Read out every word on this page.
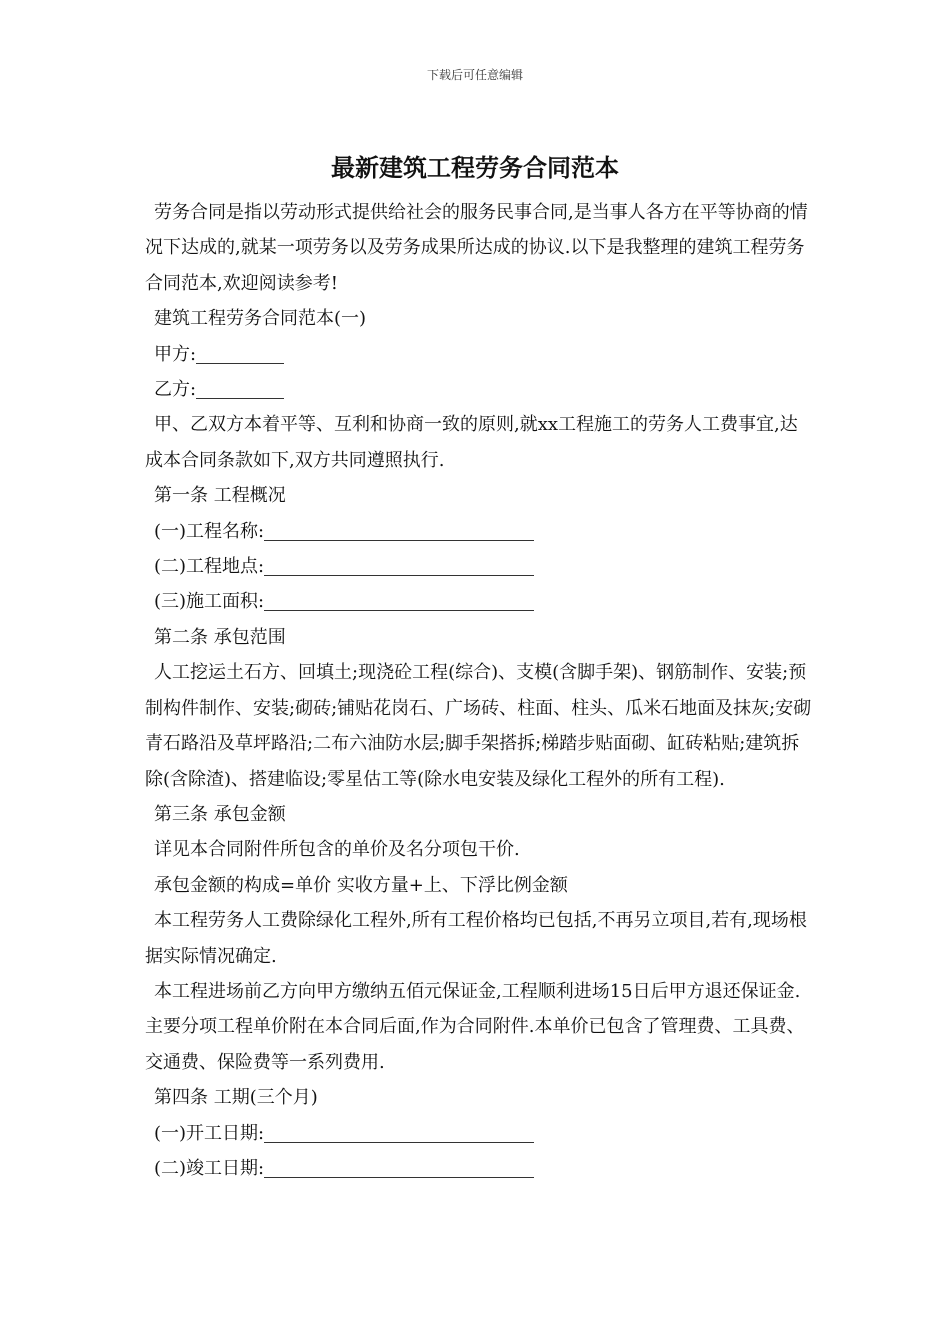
下载后可任意编辑
最新建筑工程劳务合同范本

劳务合同是指以劳动形式提供给社会的服务民事合同,是当事人各方在平等协商的情况下达成的,就某一项劳务以及劳务成果所达成的协议.以下是我整理的建筑工程劳务合同范本,欢迎阅读参考!

建筑工程劳务合同范本(一)

甲方:

乙方:

甲、乙双方本着平等、互利和协商一致的原则,就xx工程施工的劳务人工费事宜,达成本合同条款如下,双方共同遵照执行.

第一条 工程概况

(一)工程名称:

(二)工程地点:

(三)施工面积:

第二条 承包范围

人工挖运土石方、回填土;现浇砼工程(综合)、支模(含脚手架)、钢筋制作、安装;预制构件制作、安装;砌砖;铺贴花岗石、广场砖、柱面、柱头、瓜米石地面及抹灰;安砌青石路沿及草坪路沿;二布六油防水层;脚手架搭拆;梯踏步贴面砌、缸砖粘贴;建筑拆除(含除渣)、搭建临设;零星估工等(除水电安装及绿化工程外的所有工程).

第三条 承包金额

详见本合同附件所包含的单价及名分项包干价.

承包金额的构成=单价 实收方量+上、下浮比例金额

本工程劳务人工费除绿化工程外,所有工程价格均已包括,不再另立项目,若有,现场根据实际情况确定.

本工程进场前乙方向甲方缴纳五佰元保证金,工程顺利进场15日后甲方退还保证金.主要分项工程单价附在本合同后面,作为合同附件.本单价已包含了管理费、工具费、交通费、保险费等一系列费用.

第四条 工期(三个月)

(一)开工日期:

(二)竣工日期:
